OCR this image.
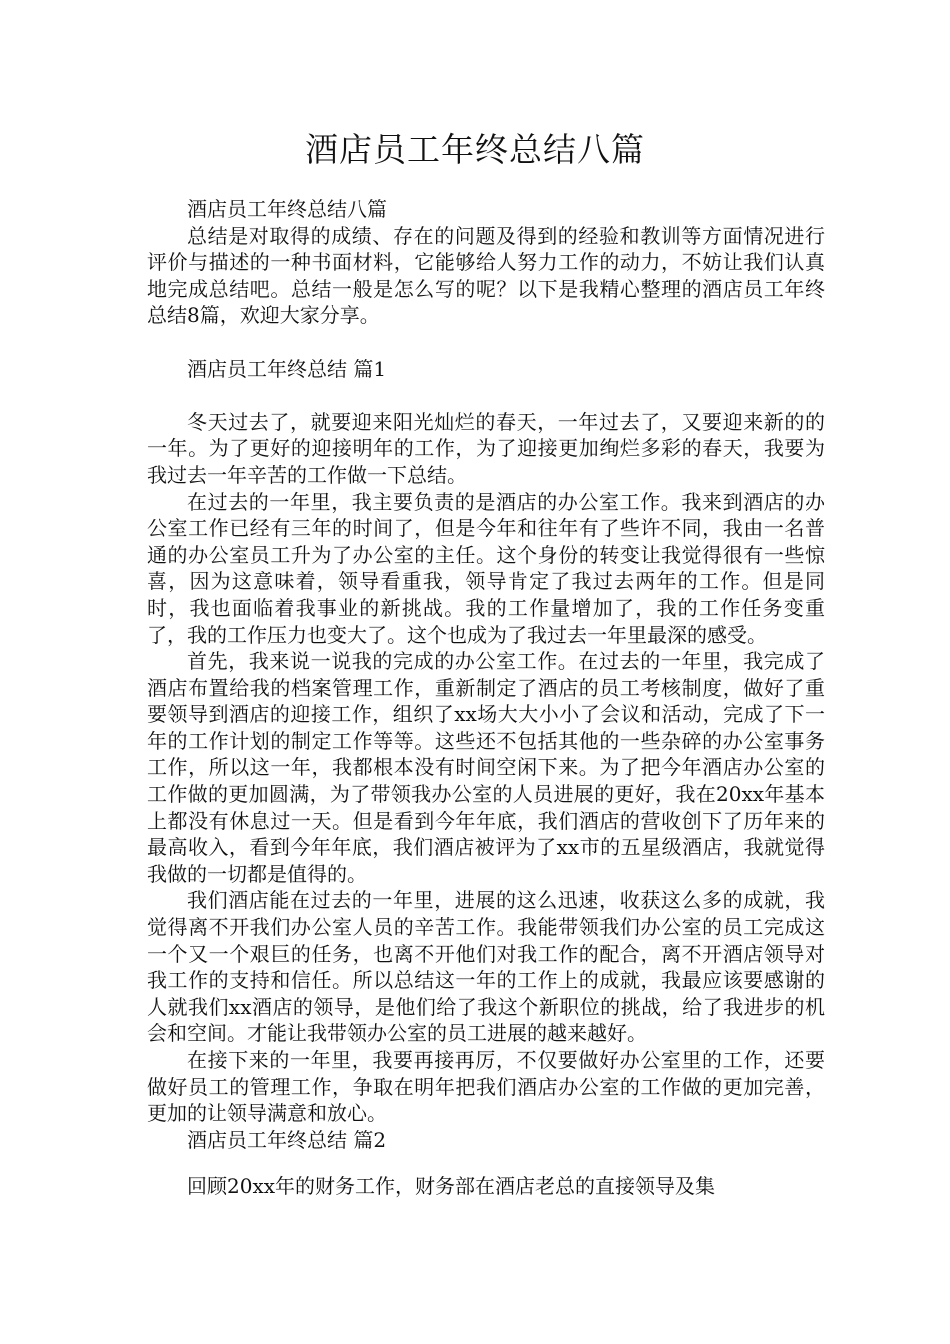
酒店员工年终总结八篇

酒店员工年终总结八篇

总结是对取得的成绩、存在的问题及得到的经验和教训等方面情况进行评价与描述的一种书面材料，它能够给人努力工作的动力，不妨让我们认真地完成总结吧。总结一般是怎么写的呢？以下是我精心整理的酒店员工年终总结8篇，欢迎大家分享。

酒店员工年终总结 篇1

冬天过去了，就要迎来阳光灿烂的春天，一年过去了，又要迎来新的的一年。为了更好的迎接明年的工作，为了迎接更加绚烂多彩的春天，我要为我过去一年辛苦的工作做一下总结。

在过去的一年里，我主要负责的是酒店的办公室工作。我来到酒店的办公室工作已经有三年的时间了，但是今年和往年有了些许不同，我由一名普通的办公室员工升为了办公室的主任。这个身份的转变让我觉得很有一些惊喜，因为这意味着，领导看重我，领导肯定了我过去两年的工作。但是同时，我也面临着我事业的新挑战。我的工作量增加了，我的工作任务变重了，我的工作压力也变大了。这个也成为了我过去一年里最深的感受。

首先，我来说一说我的完成的办公室工作。在过去的一年里，我完成了酒店布置给我的档案管理工作，重新制定了酒店的员工考核制度，做好了重要领导到酒店的迎接工作，组织了xx场大大小小了会议和活动，完成了下一年的工作计划的制定工作等等。这些还不包括其他的一些杂碎的办公室事务工作，所以这一年，我都根本没有时间空闲下来。为了把今年酒店办公室的工作做的更加圆满，为了带领我办公室的人员进展的更好，我在20xx年基本上都没有休息过一天。但是看到今年年底，我们酒店的营收创下了历年来的最高收入，看到今年年底，我们酒店被评为了xx市的五星级酒店，我就觉得我做的一切都是值得的。

我们酒店能在过去的一年里，进展的这么迅速，收获这么多的成就，我觉得离不开我们办公室人员的辛苦工作。我能带领我们办公室的员工完成这一个又一个艰巨的任务，也离不开他们对我工作的配合，离不开酒店领导对我工作的支持和信任。所以总结这一年的工作上的成就，我最应该要感谢的人就我们xx酒店的领导，是他们给了我这个新职位的挑战，给了我进步的机会和空间。才能让我带领办公室的员工进展的越来越好。

在接下来的一年里，我要再接再厉，不仅要做好办公室里的工作，还要做好员工的管理工作，争取在明年把我们酒店办公室的工作做的更加完善，更加的让领导满意和放心。

酒店员工年终总结 篇2

回顾20xx年的财务工作，财务部在酒店老总的直接领导及集
